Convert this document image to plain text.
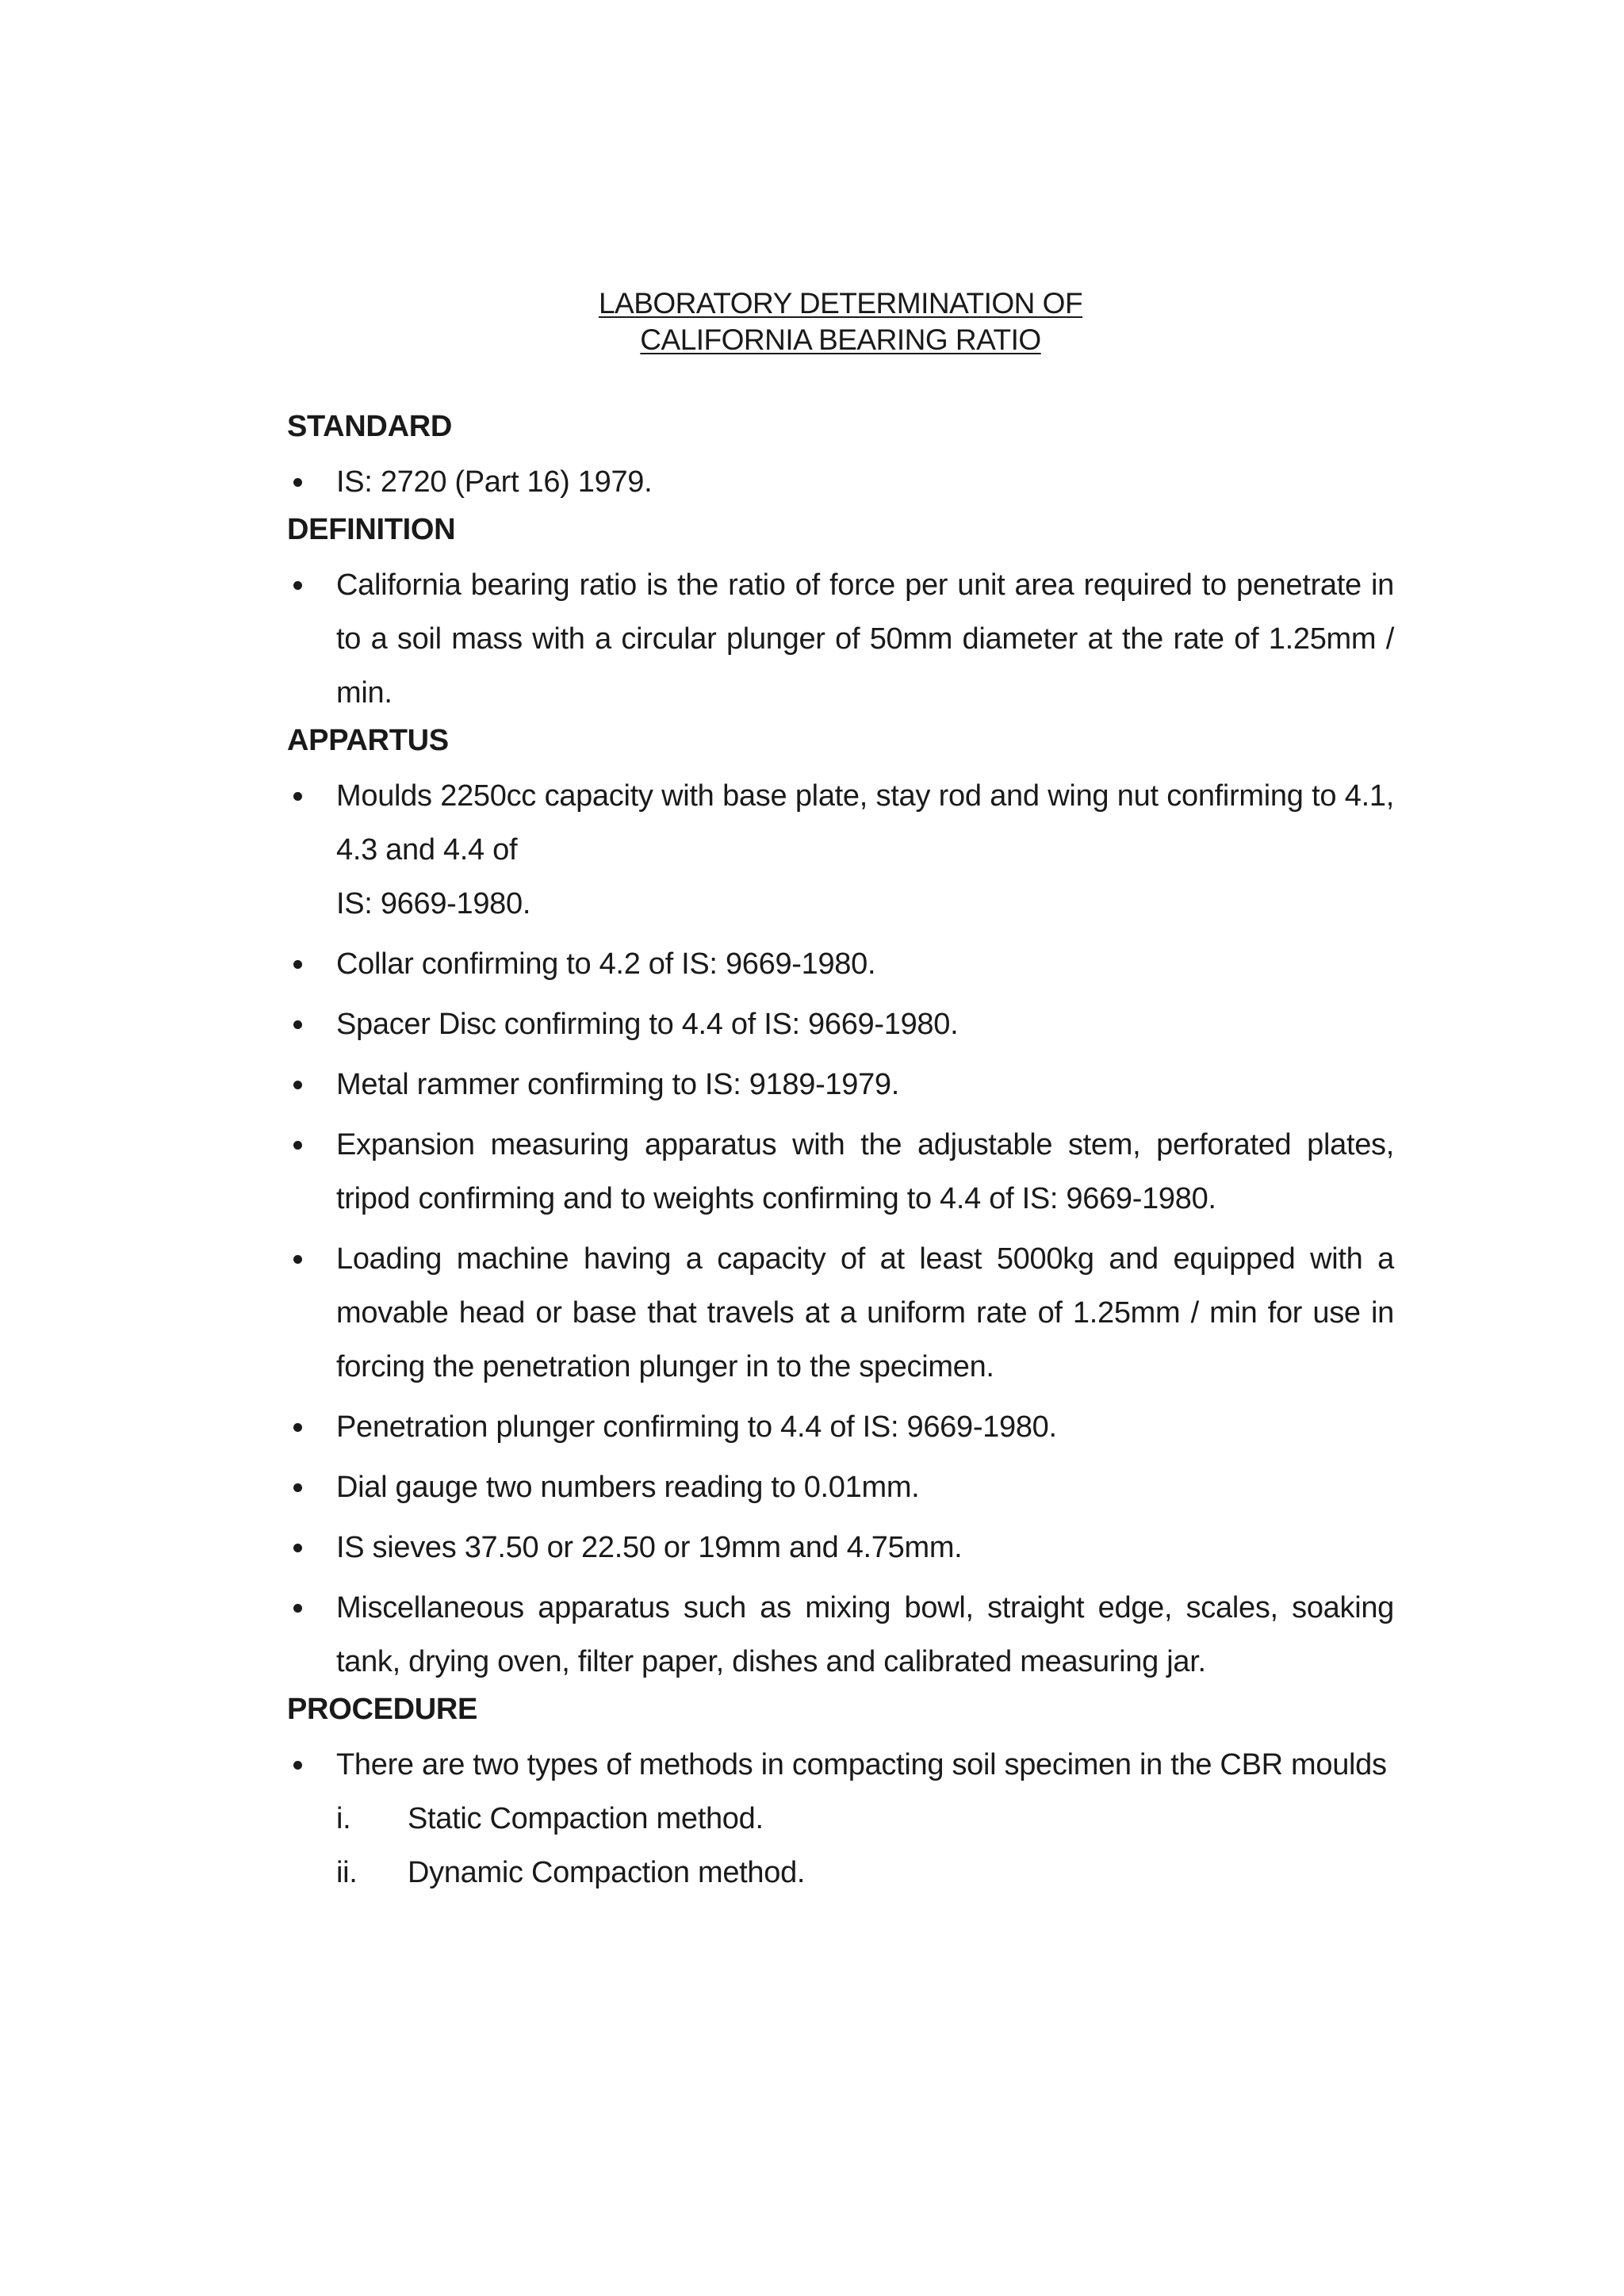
LABORATORY DETERMINATION OF
CALIFORNIA BEARING RATIO
STANDARD
IS: 2720 (Part 16) 1979.
DEFINITION
California bearing ratio is the ratio of force per unit area required to penetrate in to a soil mass with a circular plunger of 50mm diameter at the rate of 1.25mm / min.
APPARTUS
Moulds 2250cc capacity with base plate, stay rod and wing nut confirming to 4.1, 4.3 and 4.4 of
IS: 9669-1980.
Collar confirming to 4.2 of IS: 9669-1980.
Spacer Disc confirming to 4.4 of IS: 9669-1980.
Metal rammer confirming to IS: 9189-1979.
Expansion measuring apparatus with the adjustable stem, perforated plates, tripod confirming and to weights confirming to 4.4 of IS: 9669-1980.
Loading machine having a capacity of at least 5000kg and equipped with a movable head or base that travels at a uniform rate of 1.25mm / min for use in forcing the penetration plunger in to the specimen.
Penetration plunger confirming to 4.4 of IS: 9669-1980.
Dial gauge two numbers reading to 0.01mm.
IS sieves 37.50 or 22.50 or 19mm and 4.75mm.
Miscellaneous apparatus such as mixing bowl, straight edge, scales, soaking tank, drying oven, filter paper, dishes and calibrated measuring jar.
PROCEDURE
There are two types of methods in compacting soil specimen in the CBR moulds
i. Static Compaction method.
ii. Dynamic Compaction method.
